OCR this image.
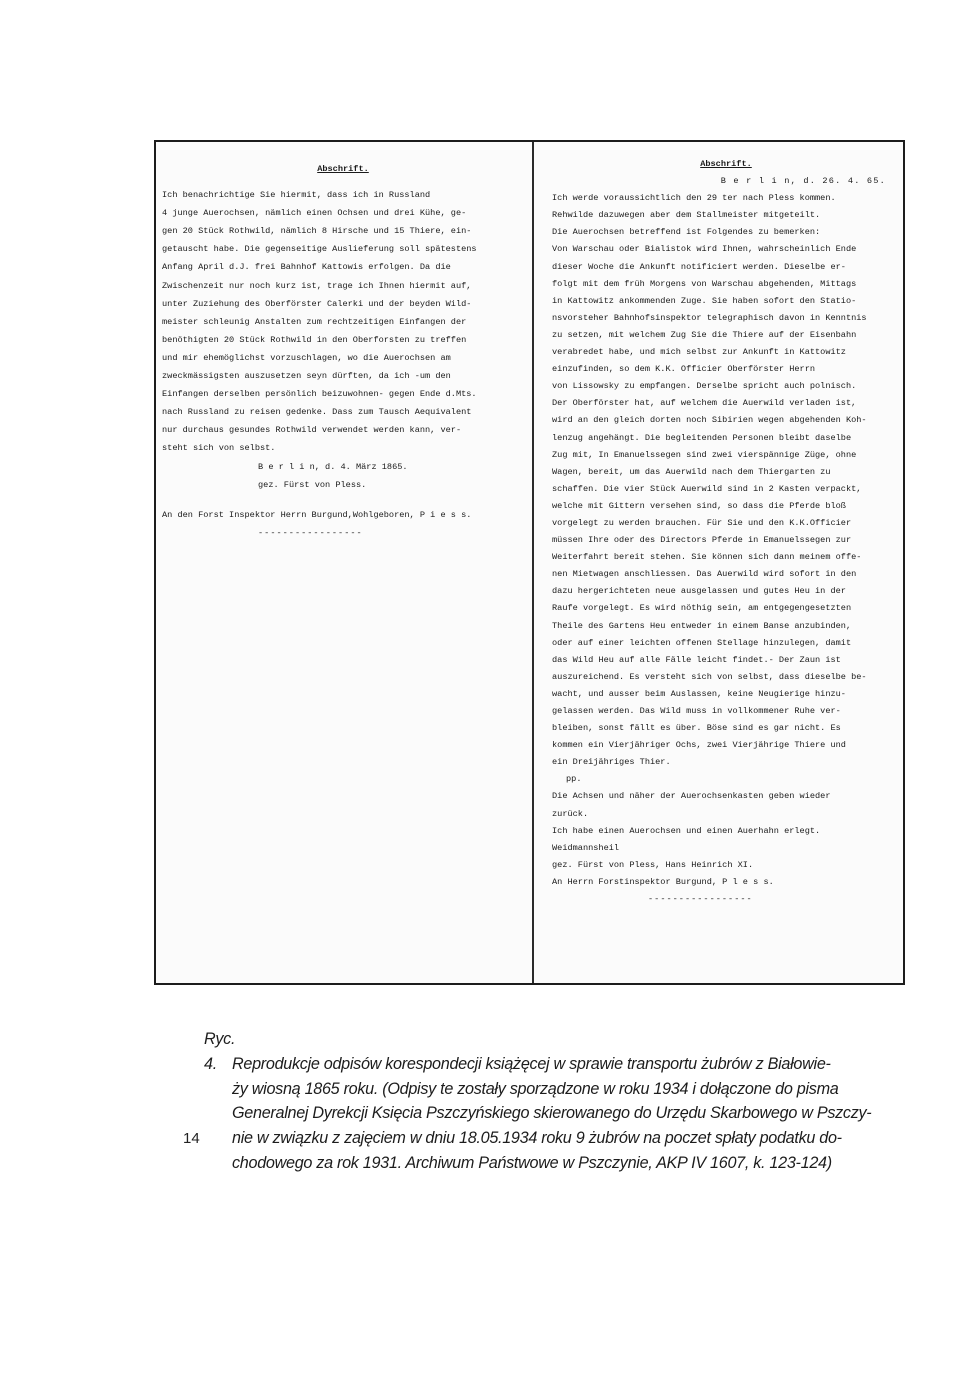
Abschrift.
Ich benachrichtige Sie hiermit, dass ich in Russland
4 junge Auerochsen, nämlich einen Ochsen und drei Kühe, ge-
gen 20 Stück Rothwild, nämlich 8 Hirsche und 15 Thiere, ein-
getauscht habe. Die gegenseitige Auslieferung soll spätestens
Anfang April d.J. frei Bahnhof Kattowis erfolgen. Da die
Zwischenzeit nur noch kurz ist, trage ich Ihnen hiermit auf,
unter Zuziehung des Oberförster Calerki und der beyden Wild-
meister schleunig Anstalten zum rechtzeitigen Einfangen der
benöthigten 20 Stück Rothwild in den Oberforsten zu treffen
und mir ehemöglichst vorzuschlagen, wo die Auerochsen am
zweckmässigsten auszusetzen seyn dürften, da ich -um den
Einfangen derselben persönlich beizuwohnen- gegen Ende d.Mts.
nach Russland zu reisen gedenke. Dass zum Tausch Aequivalent
nur durchaus gesundes Rothwild verwendet werden kann, ver-
steht sich von selbst.
B e r l i n, d. 4. März 1865.
gez. Fürst von Pless.
An den Forst Inspektor Herrn Burgund,Wohlgeboren, P i e s s.
-----------------
Abschrift.
B e r l i n, d. 26. 4. 65.
Ich werde voraussichtlich den 29 ter nach Pless kommen.
Rehwilde dazuwegen aber dem Stallmeister mitgeteilt.
Die Auerochsen betreffend ist Folgendes zu bemerken:
Von Warschau oder Bialistok wird Ihnen, wahrscheinlich Ende
dieser Woche die Ankunft notificiert werden. Dieselbe er-
folgt mit dem früh Morgens von Warschau abgehenden, Mittags
in Kattowitz ankommenden Zuge. Sie haben sofort den Statio-
nsvorsteher Bahnhofsinspektor telegraphisch davon in Kenntnis
zu setzen, mit welchem Zug Sie die Thiere auf der Eisenbahn
verabredet habe, und mich selbst zur Ankunft in Kattowitz
einzufinden, so dem K.K. Officier Oberförster Herrn
von Lissowsky zu empfangen. Derselbe spricht auch polnisch.
Der Oberförster hat, auf welchem die Auerwild verladen ist,
wird an den gleich dorten noch Sibirien wegen abgehenden Koh-
lenzug angehängt. Die begleitenden Personen bleibt daselbe
Zug mit, In Emanuelssegen sind zwei vierspännige Züge, ohne
Wagen, bereit, um das Auerwild nach dem Thiergarten zu
schaffen. Die vier Stück Auerwild sind in 2 Kasten verpackt,
welche mit Gittern versehen sind, so dass die Pferde bloß
vorgelegt zu werden brauchen. Für Sie und den K.K.Officier
müssen Ihre oder des Directors Pferde in Emanuelssegen zur
Weiterfahrt bereit stehen. Sie können sich dann meinem offe-
nen Mietwagen anschliessen. Das Auerwild wird sofort in den
dazu hergerichteten neue ausgelassen und gutes Heu in der
Raufe vorgelegt. Es wird nöthig sein, am entgegengesetzten
Theile des Gartens Heu entweder in einem Banse anzubinden,
oder auf einer leichten offenen Stellage hinzulegen, damit
das Wild Heu auf alle Fälle leicht findet.- Der Zaun ist
auszureichend. Es versteht sich von selbst, dass dieselbe be-
wacht, und ausser beim Auslassen, keine Neugierige hinzu-
gelassen werden. Das Wild muss in vollkommener Ruhe ver-
bleiben, sonst fällt es über. Böse sind es gar nicht. Es
kommen ein Vierjähriger Ochs, zwei Vierjährige Thiere und
ein Dreijähriges Thier.
pp.
Die Achsen und näher der Auerochsenkasten geben wieder
zurück.
Ich habe einen Auerochsen und einen Auerhahn erlegt.
Weidmannsheil
gez. Fürst von Pless, Hans Heinrich XI.
An Herrn Forstinspektor Burgund, P l e s s.
-----------------
Ryc. 4. Reprodukcje odpisów korespondecji książęcej w sprawie transportu żubrów z Białowie-
ży wiosną 1865 roku. (Odpisy te zostały sporządzone w roku 1934 i dołączone do pisma
Generalnej Dyrekcji Księcia Pszczyńskiego skierowanego do Urzędu Skarbowego w Pszczy-
nie w związku z zajęciem w dniu 18.05.1934 roku 9 żubrów na poczet spłaty podatku do-
chodowego za rok 1931. Archiwum Państwowe w Pszczynie, AKP IV 1607, k. 123-124)
14
